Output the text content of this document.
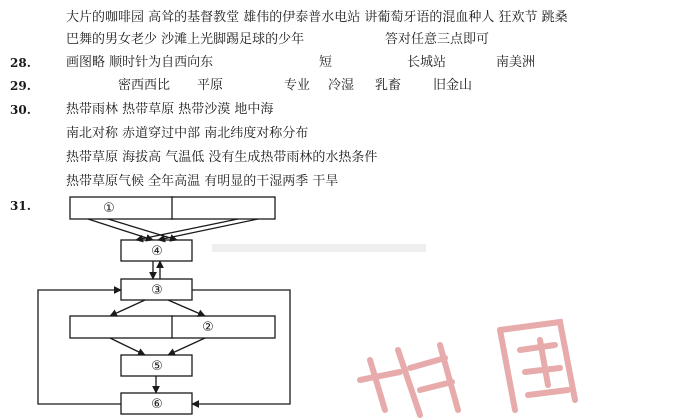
大片的咖啡园 高耸的基督教堂 雄伟的伊泰普水电站 讲葡萄牙语的混血种人 狂欢节 跳桑
巴舞的男女老少 沙滩上光脚踢足球的少年	答对任意三点即可
28.	画图略 顺时针为自西向东	短	长城站	南美洲
29.	密西西比 平原	专业 冷湿 乳畜 旧金山
30.	热带雨林 热带草原 热带沙漠 地中海
南北对称 赤道穿过中部 南北纬度对称分布
热带草原 海拔高 气温低 没有生成热带雨林的水热条件
热带草原气候 全年高温 有明显的干湿两季 干旱
31.	①
④
③
②
⑤
⑥
